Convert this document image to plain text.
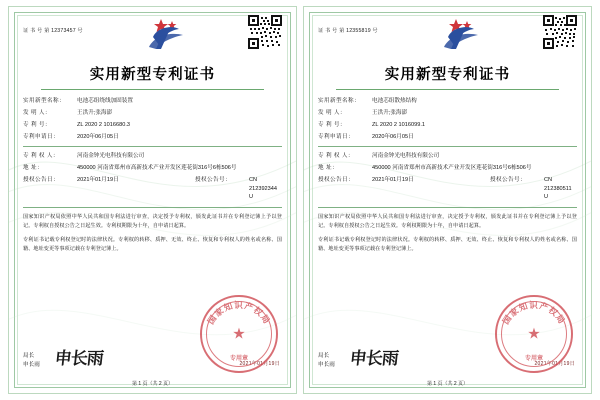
证 书 号 第 12373457 号
实用新型专利证书
实用新型名称：	电池芯组绕线加固装置
发 明 人：	王洪升;张海澎
专 利 号：	ZL 2020 2 1016680.3
专利申请日：	2020年06月05日
专 利 权 人：	河南金钟光电科技有限公司
地 址：	450000 河南省郑州市高新技术产业开发区莲花街316号6栋506号
授权公告日：	2021年01月19日	授权公告号：	CN 212392344 U
国家知识产权局依照中华人民共和国专利法进行审查，决定授予专利权，颁发此证书并在专利登记簿上予以登记。专利权自授权公告之日起生效。专利权期限为十年，自申请日起算。
专利证书记载专利权登记时的法律状况。专利权的转移、质押、无效、终止、恢复和专利权人的姓名或名称、国籍、地址变更等事项记载在专利登记簿上。
局长
申长雨 申长雨	2021年01月19日
国家知识产权局
★
专用章
第 1 页（共 2 页）
证 书 号 第 12355819 号
实用新型专利证书
实用新型名称：	电池芯组散热结构
发 明 人：	王洪升;张海澎
专 利 号：	ZL 2020 2 1016099.1
专利申请日：	2020年06月05日
专 利 权 人：	河南金钟光电科技有限公司
地 址：	450000 河南省郑州市高新技术产业开发区莲花街316号6栋506号
授权公告日：	2021年01月19日	授权公告号：	CN 212380511 U
国家知识产权局依照中华人民共和国专利法进行审查，决定授予专利权，颁发此证书并在专利登记簿上予以登记。专利权自授权公告之日起生效。专利权期限为十年，自申请日起算。
专利证书记载专利权登记时的法律状况。专利权的转移、质押、无效、终止、恢复和专利权人的姓名或名称、国籍、地址变更等事项记载在专利登记簿上。
局长
申长雨 申长雨	2021年01月19日
国家知识产权局
★
专用章
第 1 页（共 2 页）
